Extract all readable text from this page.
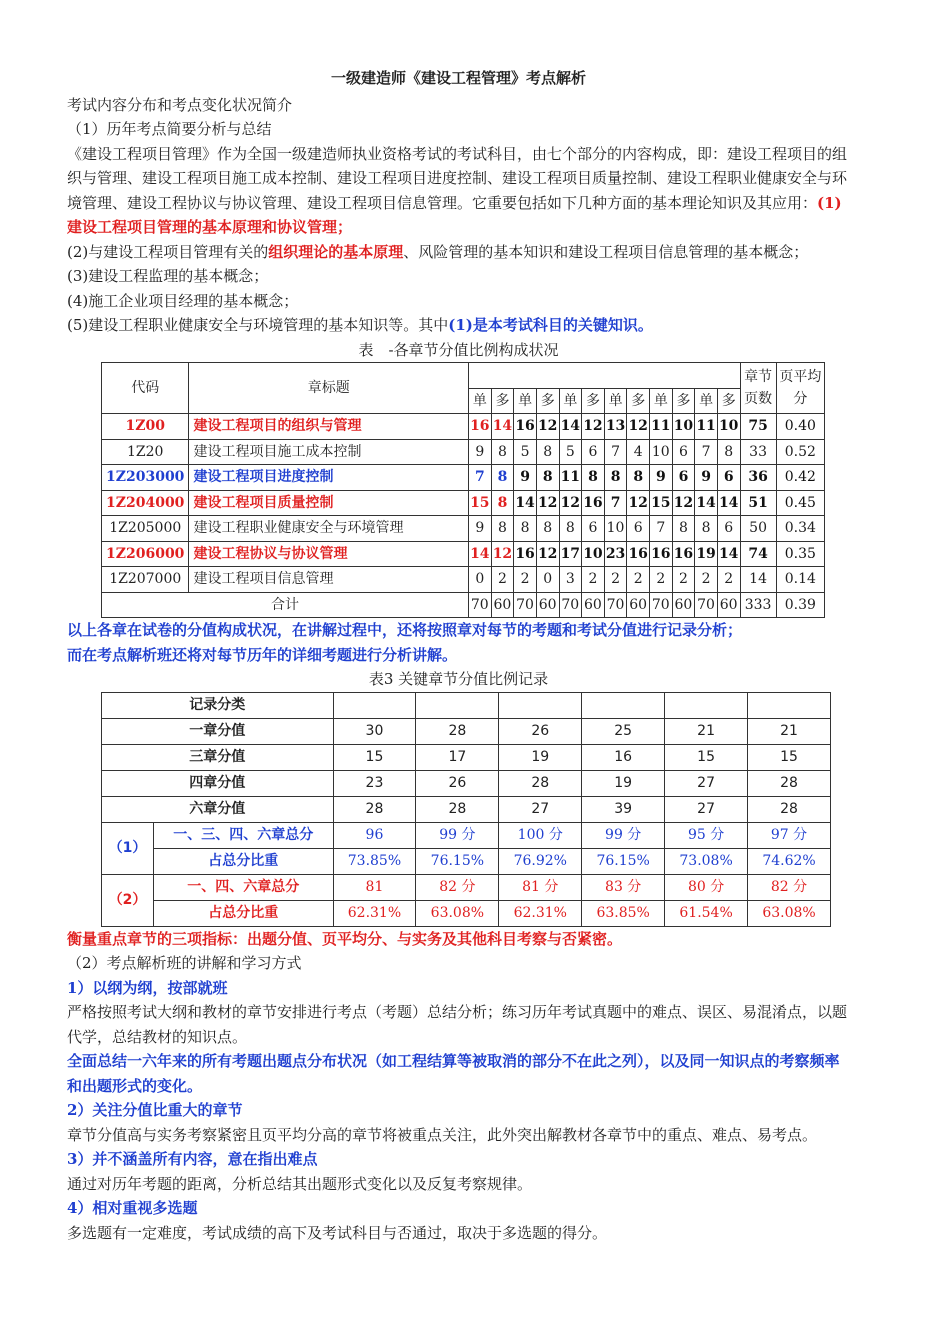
一级建造师《建设工程管理》考点解析

考试内容分布和考点变化状况简介

（1）历年考点简要分析与总结

《建设工程项目管理》作为全国一级建造师执业资格考试的考试科目，由七个部分的内容构成，即：建设工程项目的组织与管理、建设工程项目施工成本控制、建设工程项目进度控制、建设工程项目质量控制、建设工程职业健康安全与环境管理、建设工程协议与协议管理、建设工程项目信息管理。它重要包括如下几种方面的基本理论知识及其应用：(1)建设工程项目管理的基本原理和协议管理；

(2)与建设工程项目管理有关的组织理论的基本原理、风险管理的基本知识和建设工程项目信息管理的基本概念；

(3)建设工程监理的基本概念；

(4)施工企业项目经理的基本概念；

(5)建设工程职业健康安全与环境管理的基本知识等。其中(1)是本考试科目的关键知识。

表　-各章节分值比例构成状况

代码	章标题													章节页数	页平均分
		单	多	单	多	单	多	单	多	单	多	单	多		
1Z00	建设工程项目的组织与管理	16	14	16	12	14	12	13	12	11	10	11	10	75	0.40
1Z20	建设工程项目施工成本控制	9	8	5	8	5	6	7	4	10	6	7	8	33	0.52
1Z203000	建设工程项目进度控制	7	8	9	8	11	8	8	8	9	6	9	6	36	0.42
1Z204000	建设工程项目质量控制	15	8	14	12	12	16	7	12	15	12	14	14	51	0.45
1Z205000	建设工程职业健康安全与环境管理	9	8	8	8	8	6	10	6	7	8	8	6	50	0.34
1Z206000	建设工程协议与协议管理	14	12	16	12	17	10	23	16	16	16	19	14	74	0.35
1Z207000	建设工程项目信息管理	0	2	2	0	3	2	2	2	2	2	2	2	14	0.14
合计		70	60	70	60	70	60	70	60	70	60	70	60	333	0.39

以上各章在试卷的分值构成状况，在讲解过程中，还将按照章对每节的考题和考试分值进行记录分析；

而在考点解析班还将对每节历年的详细考题进行分析讲解。

表3 关键章节分值比例记录

记录分类							
一章分值		30	28	26	25	21	21
三章分值		15	17	19	16	15	15
四章分值		23	26	28	19	27	28
六章分值		28	28	27	39	27	28
（1）	一、三、四、六章总分	96	99 分	100 分	99 分	95 分	97 分
	占总分比重	73.85%	76.15%	76.92%	76.15%	73.08%	74.62%
（2）	一、四、六章总分	81	82 分	81 分	83 分	80 分	82 分
	占总分比重	62.31%	63.08%	62.31%	63.85%	61.54%	63.08%

衡量重点章节的三项指标：出题分值、页平均分、与实务及其他科目考察与否紧密。

（2）考点解析班的讲解和学习方式

1）以纲为纲，按部就班

严格按照考试大纲和教材的章节安排进行考点（考题）总结分析；练习历年考试真题中的难点、误区、易混淆点，以题代学，总结教材的知识点。

全面总结一六年来的所有考题出题点分布状况（如工程结算等被取消的部分不在此之列），以及同一知识点的考察频率和出题形式的变化。

2）关注分值比重大的章节

章节分值高与实务考察紧密且页平均分高的章节将被重点关注，此外突出解教材各章节中的重点、难点、易考点。

3）并不涵盖所有内容，意在指出难点

通过对历年考题的距离，分析总结其出题形式变化以及反复考察规律。

4）相对重视多选题

多选题有一定难度，考试成绩的高下及考试科目与否通过，取决于多选题的得分。
